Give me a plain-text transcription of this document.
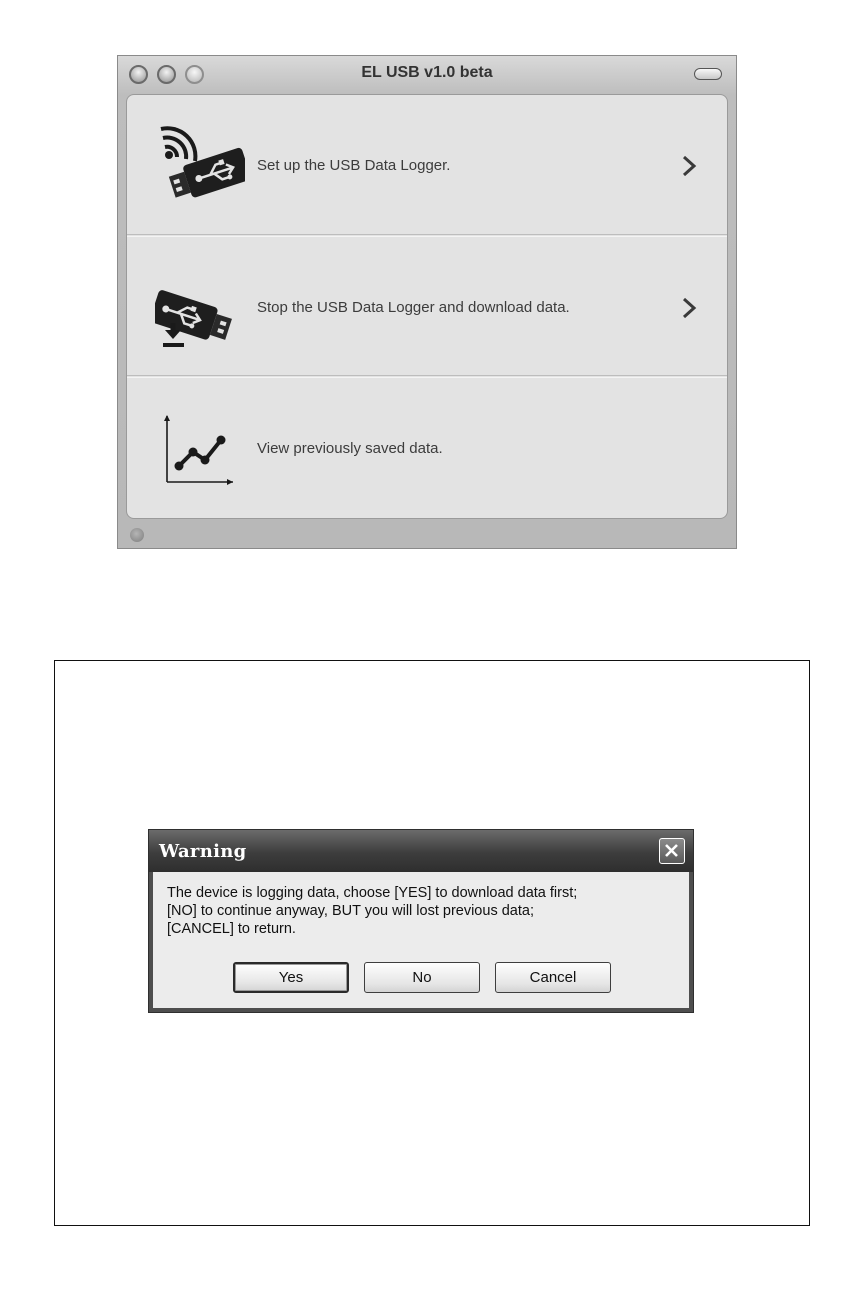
EL USB v1.0 beta
Set up the USB Data Logger.
Stop the USB Data Logger and download data.
View previously saved data.
Warning
The device is logging data, choose [YES] to download data first;
[NO] to continue anyway, BUT you will lost previous data;
[CANCEL] to return.
Yes	No	Cancel
